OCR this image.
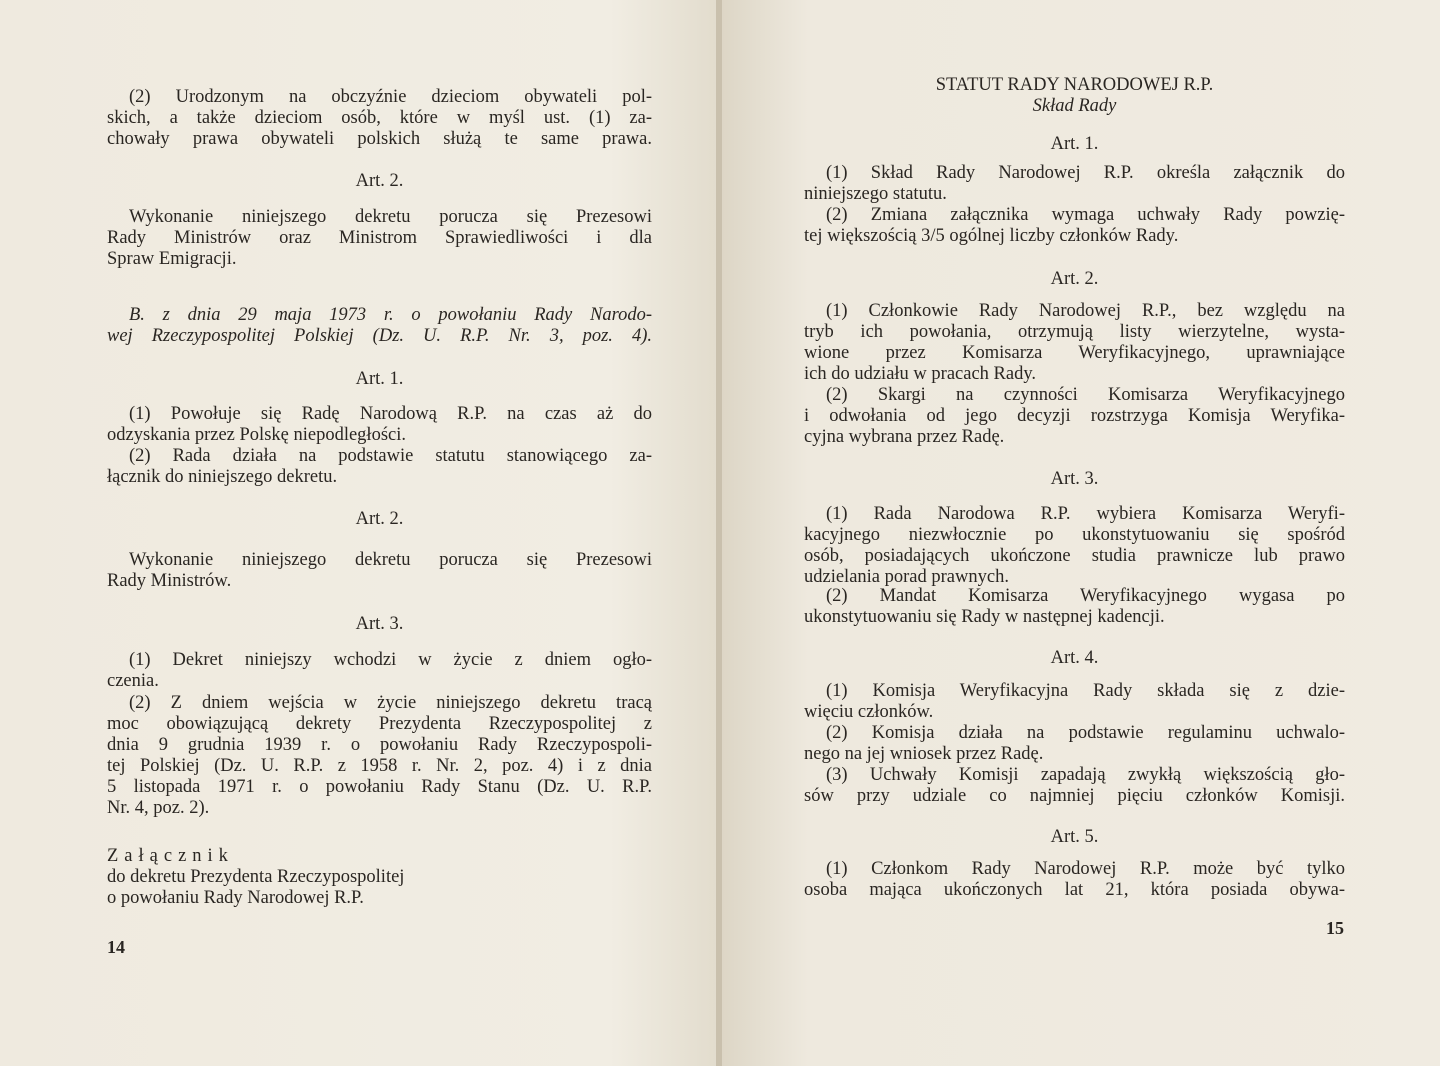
14
(2) Urodzonym na obczyźnie dzieciom obywateli pol-
skich, a także dzieciom osób, które w myśl ust. (1) za-
chowały prawa obywateli polskich służą te same prawa.
Art. 2.
Wykonanie niniejszego dekretu porucza się Prezesowi
Rady Ministrów oraz Ministrom Sprawiedliwości i dla
Spraw Emigracji.
B. z dnia 29 maja 1973 r. o powołaniu Rady Narodo-
wej Rzeczypospolitej Polskiej (Dz. U. R.P. Nr. 3, poz. 4).
Art. 1.
(1) Powołuje się Radę Narodową R.P. na czas aż do
odzyskania przez Polskę niepodległości.
(2) Rada działa na podstawie statutu stanowiącego za-
łącznik do niniejszego dekretu.
Art. 2.
Wykonanie niniejszego dekretu porucza się Prezesowi
Rady Ministrów.
Art. 3.
(1) Dekret niniejszy wchodzi w życie z dniem ogło-
czenia.
(2) Z dniem wejścia w życie niniejszego dekretu tracą
moc obowiązującą dekrety Prezydenta Rzeczypospolitej z
dnia 9 grudnia 1939 r. o powołaniu Rady Rzeczypospoli-
tej Polskiej (Dz. U. R.P. z 1958 r. Nr. 2, poz. 4) i z dnia
5 listopada 1971 r. o powołaniu Rady Stanu (Dz. U. R.P.
Nr. 4, poz. 2).
Załącznik
do dekretu Prezydenta Rzeczypospolitej
o powołaniu Rady Narodowej R.P.
15
STATUT RADY NARODOWEJ R.P.
Skład Rady
Art. 1.
(1) Skład Rady Narodowej R.P. określa załącznik do
niniejszego statutu.
(2) Zmiana załącznika wymaga uchwały Rady powzię-
tej większością 3/5 ogólnej liczby członków Rady.
Art. 2.
(1) Członkowie Rady Narodowej R.P., bez względu na
tryb ich powołania, otrzymują listy wierzytelne, wysta-
wione przez Komisarza Weryfikacyjnego, uprawniające
ich do udziału w pracach Rady.
(2) Skargi na czynności Komisarza Weryfikacyjnego
i odwołania od jego decyzji rozstrzyga Komisja Weryfika-
cyjna wybrana przez Radę.
Art. 3.
(1) Rada Narodowa R.P. wybiera Komisarza Weryfi-
kacyjnego niezwłocznie po ukonstytuowaniu się spośród
osób, posiadających ukończone studia prawnicze lub prawo
udzielania porad prawnych.
(2) Mandat Komisarza Weryfikacyjnego wygasa po
ukonstytuowaniu się Rady w następnej kadencji.
Art. 4.
(1) Komisja Weryfikacyjna Rady składa się z dzie-
więciu członków.
(2) Komisja działa na podstawie regulaminu uchwalo-
nego na jej wniosek przez Radę.
(3) Uchwały Komisji zapadają zwykłą większością gło-
sów przy udziale co najmniej pięciu członków Komisji.
Art. 5.
(1) Członkom Rady Narodowej R.P. może być tylko
osoba mająca ukończonych lat 21, która posiada obywa-
